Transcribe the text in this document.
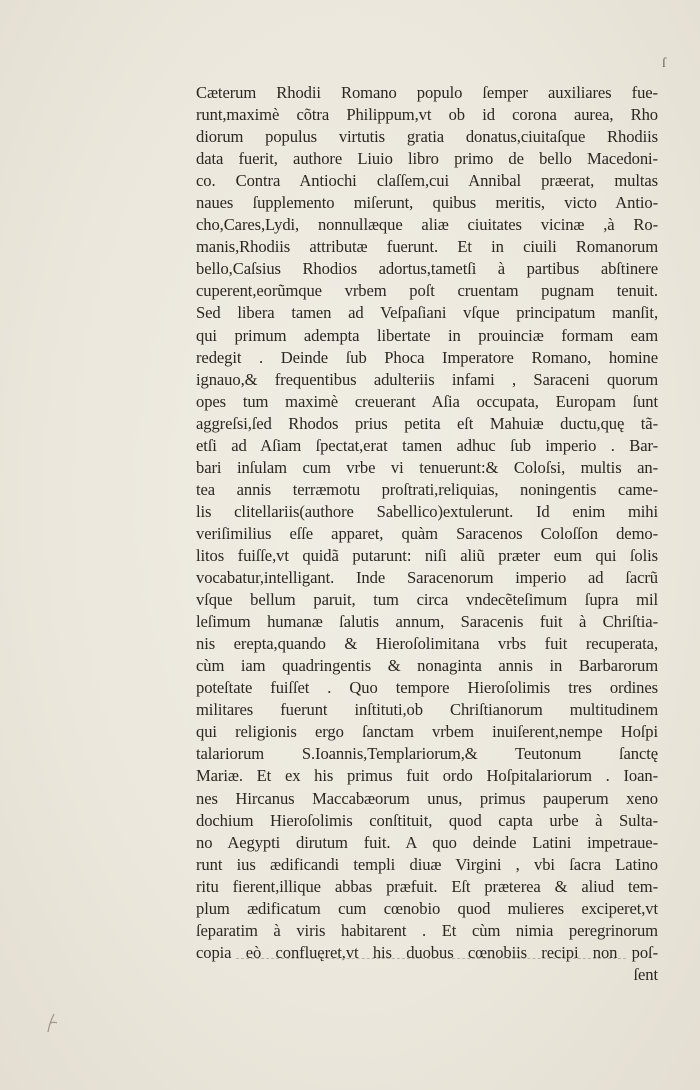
ſ
Cæterum Rhodii Romano populo ſemper auxiliares fue-
runt,maximè cõtra Philippum,vt ob id corona aurea, Rho
diorum populus virtutis gratia donatus,ciuitaſque Rhodiis
data fuerit, authore Liuio libro primo de bello Macedoni-
co. Contra Antiochi claſſem,cui Annibal præerat, multas
naues ſupplemento miſerunt, quibus meritis, victo Antio-
cho,Cares,Lydi, nonnullæque aliæ ciuitates vicinæ ,à Ro-
manis,Rhodiis attributæ fuerunt. Et in ciuili Romanorum
bello,Caſsius Rhodios adortus,tametſi à partibus abſtinere
cuperent,eorũmque vrbem poſt cruentam pugnam tenuit.
Sed libera tamen ad Veſpaſiani vſque principatum manſit,
qui primum adempta libertate in prouinciæ formam eam
redegit . Deinde ſub Phoca Imperatore Romano, homine
ignauo,& frequentibus adulteriis infami , Saraceni quorum
opes tum maximè creuerant Aſia occupata, Europam ſunt
aggreſsi,ſed Rhodos prius petita eſt Mahuiæ ductu,quę tã-
etſi ad Aſiam ſpectat,erat tamen adhuc ſub imperio . Bar-
bari inſulam cum vrbe vi tenuerunt:& Coloſsi, multis an-
tea annis terræmotu proſtrati,reliquias, noningentis came-
lis clitellariis(authore Sabellico)extulerunt. Id enim mihi
veriſimilius eſſe apparet, quàm Saracenos Coloſſon demo-
litos fuiſſe,vt quidã putarunt: niſi aliũ præter eum qui ſolis
vocabatur,intelligant. Inde Saracenorum imperio ad ſacrũ
vſque bellum paruit, tum circa vndecẽteſimum ſupra mil
leſimum humanæ ſalutis annum, Saracenis fuit à Chriſtia-
nis erepta,quando & Hieroſolimitana vrbs fuit recuperata,
cùm iam quadringentis & nonaginta annis in Barbarorum
poteſtate fuiſſet . Quo tempore Hieroſolimis tres ordines
militares fuerunt inſtituti,ob Chriſtianorum multitudinem
qui religionis ergo ſanctam vrbem inuiſerent,nempe Hoſpi
talariorum S.Ioannis,Templariorum,& Teutonum ſanctę
Mariæ. Et ex his primus fuit ordo Hoſpitalariorum . Ioan-
nes Hircanus Maccabæorum unus, primus pauperum xeno
dochium Hieroſolimis conſtituit, quod capta urbe à Sulta-
no Aegypti dirutum fuit. A quo deinde Latini impetraue-
runt ius ædificandi templi diuæ Virgini , vbi ſacra Latino
ritu fierent,illique abbas præfuit. Eſt præterea & aliud tem-
plum ædificatum cum cœnobio quod mulieres exciperet,vt
ſeparatim à viris habitarent . Et cùm nimia peregrinorum
copia eò confluęret,vt his duobus cœnobiis recipi non poſ-
ſent
